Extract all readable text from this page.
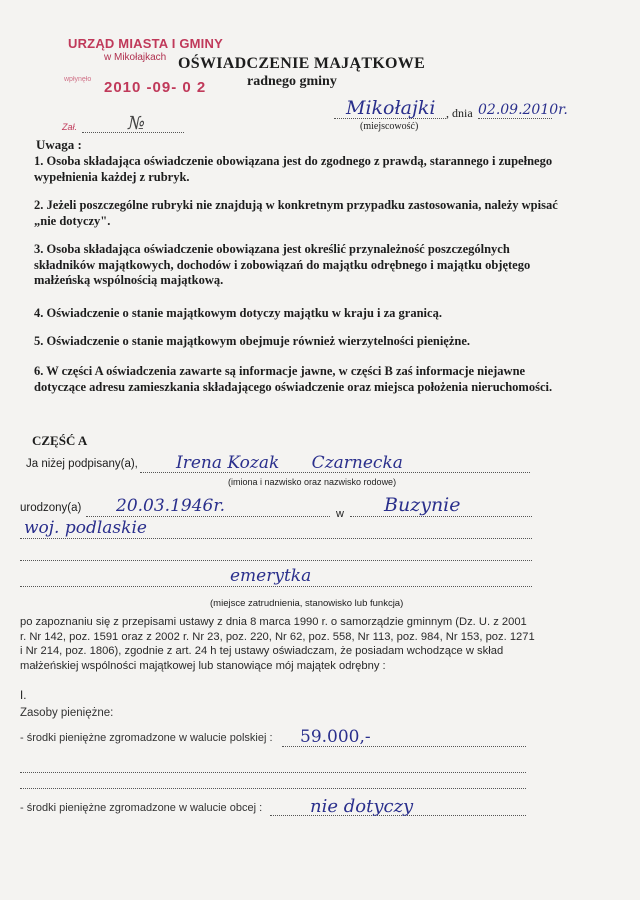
URZĄD MIASTA I GMINY
w Mikołajkach
wpłynęło 2010 -09- 0 2
Zał.	№
OŚWIADCZENIE MAJĄTKOWE
radnego gminy
Mikołajki , dnia 02.09.2010r.
(miejscowość)
Uwaga :
1. Osoba składająca oświadczenie obowiązana jest do zgodnego z prawdą, starannego i zupełnego wypełnienia każdej z rubryk.
2. Jeżeli poszczególne rubryki nie znajdują w konkretnym przypadku zastosowania, należy wpisać „nie dotyczy".
3. Osoba składająca oświadczenie obowiązana jest określić przynależność poszczególnych składników majątkowych, dochodów i zobowiązań do majątku odrębnego i majątku objętego małżeńską wspólnością majątkową.
4. Oświadczenie o stanie majątkowym dotyczy majątku w kraju i za granicą.
5. Oświadczenie o stanie majątkowym obejmuje również wierzytelności pieniężne.
6. W części A oświadczenia zawarte są informacje jawne, w części B zaś informacje niejawne dotyczące adresu zamieszkania składającego oświadczenie oraz miejsca położenia nieruchomości.
CZĘŚĆ A
Ja niżej podpisany(a), Irena Kozak      Czarnecka
(imiona i nazwisko oraz nazwisko rodowe)
urodzony(a) 20.03.1946r.	w Buzynie
woj. podlaskie
emerytka
(miejsce zatrudnienia, stanowisko lub funkcja)
po zapoznaniu się z przepisami ustawy z dnia 8 marca 1990 r. o samorządzie gminnym (Dz. U. z 2001 r. Nr 142, poz. 1591 oraz z 2002 r. Nr 23, poz. 220, Nr 62, poz. 558, Nr 113, poz. 984, Nr 153, poz. 1271 i Nr 214, poz. 1806), zgodnie z art. 24 h tej ustawy oświadczam, że posiadam wchodzące w skład małżeńskiej wspólności majątkowej lub stanowiące mój majątek odrębny :
I.
Zasoby pieniężne:
- środki pieniężne zgromadzone w walucie polskiej : 59.000,-
- środki pieniężne zgromadzone w walucie obcej :	nie dotyczy
